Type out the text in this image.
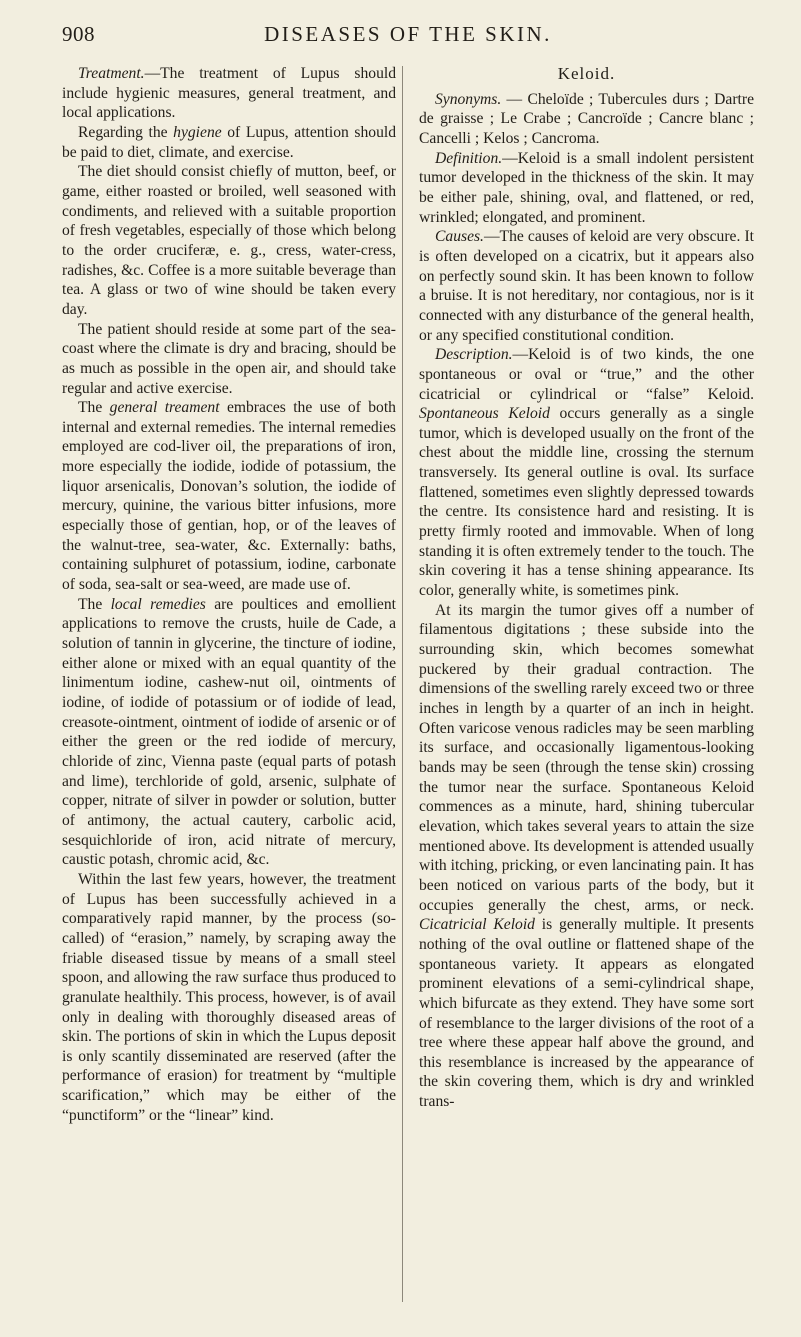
908	DISEASES OF THE SKIN.

Treatment.—The treatment of Lupus should include hygienic measures, general treatment, and local applications.

Regarding the hygiene of Lupus, attention should be paid to diet, climate, and exercise.

The diet should consist chiefly of mutton, beef, or game, either roasted or broiled, well seasoned with condiments, and relieved with a suitable proportion of fresh vegetables, especially of those which belong to the order cruciferæ, e. g., cress, water-cress, radishes, &c. Coffee is a more suitable beverage than tea. A glass or two of wine should be taken every day.

The patient should reside at some part of the sea-coast where the climate is dry and bracing, should be as much as possible in the open air, and should take regular and active exercise.

The general treament embraces the use of both internal and external remedies. The internal remedies employed are cod-liver oil, the preparations of iron, more especially the iodide, iodide of potassium, the liquor arsenicalis, Donovan’s solution, the iodide of mercury, quinine, the various bitter infusions, more especially those of gentian, hop, or of the leaves of the walnut-tree, sea-water, &c. Externally: baths, containing sulphuret of potassium, iodine, carbonate of soda, sea-salt or sea-weed, are made use of.

The local remedies are poultices and emollient applications to remove the crusts, huile de Cade, a solution of tannin in glycerine, the tincture of iodine, either alone or mixed with an equal quantity of the linimentum iodine, cashew-nut oil, ointments of iodine, of iodide of potassium or of iodide of lead, creasote-ointment, ointment of iodide of arsenic or of either the green or the red iodide of mercury, chloride of zinc, Vienna paste (equal parts of potash and lime), terchloride of gold, arsenic, sulphate of copper, nitrate of silver in powder or solution, butter of antimony, the actual cautery, carbolic acid, sesquichloride of iron, acid nitrate of mercury, caustic potash, chromic acid, &c.

Within the last few years, however, the treatment of Lupus has been successfully achieved in a comparatively rapid manner, by the process (so-called) of “erasion,” namely, by scraping away the friable diseased tissue by means of a small steel spoon, and allowing the raw surface thus produced to granulate healthily. This process, however, is of avail only in dealing with thoroughly diseased areas of skin. The portions of skin in which the Lupus deposit is only scantily disseminated are reserved (after the performance of erasion) for treatment by “multiple scarification,” which may be either of the “punctiform” or the “linear” kind.

Keloid.

Synonyms. — Cheloïde ; Tubercules durs ; Dartre de graisse ; Le Crabe ; Cancroïde ; Cancre blanc ; Cancelli ; Kelos ; Cancroma.

Definition.—Keloid is a small indolent persistent tumor developed in the thickness of the skin. It may be either pale, shining, oval, and flattened, or red, wrinkled; elongated, and prominent.

Causes.—The causes of keloid are very obscure. It is often developed on a cicatrix, but it appears also on perfectly sound skin. It has been known to follow a bruise. It is not hereditary, nor contagious, nor is it connected with any disturbance of the general health, or any specified constitutional condition.

Description.—Keloid is of two kinds, the one spontaneous or oval or “true,” and the other cicatricial or cylindrical or “false” Keloid. Spontaneous Keloid occurs generally as a single tumor, which is developed usually on the front of the chest about the middle line, crossing the sternum transversely. Its general outline is oval. Its surface flattened, sometimes even slightly depressed towards the centre. Its consistence hard and resisting. It is pretty firmly rooted and immovable. When of long standing it is often extremely tender to the touch. The skin covering it has a tense shining appearance. Its color, generally white, is sometimes pink.

At its margin the tumor gives off a number of filamentous digitations ; these subside into the surrounding skin, which becomes somewhat puckered by their gradual contraction. The dimensions of the swelling rarely exceed two or three inches in length by a quarter of an inch in height. Often varicose venous radicles may be seen marbling its surface, and occasionally ligamentous-looking bands may be seen (through the tense skin) crossing the tumor near the surface. Spontaneous Keloid commences as a minute, hard, shining tubercular elevation, which takes several years to attain the size mentioned above. Its development is attended usually with itching, pricking, or even lancinating pain. It has been noticed on various parts of the body, but it occupies generally the chest, arms, or neck. Cicatricial Keloid is generally multiple. It presents nothing of the oval outline or flattened shape of the spontaneous variety. It appears as elongated prominent elevations of a semi-cylindrical shape, which bifurcate as they extend. They have some sort of resemblance to the larger divisions of the root of a tree where these appear half above the ground, and this resemblance is increased by the appearance of the skin covering them, which is dry and wrinkled trans-
